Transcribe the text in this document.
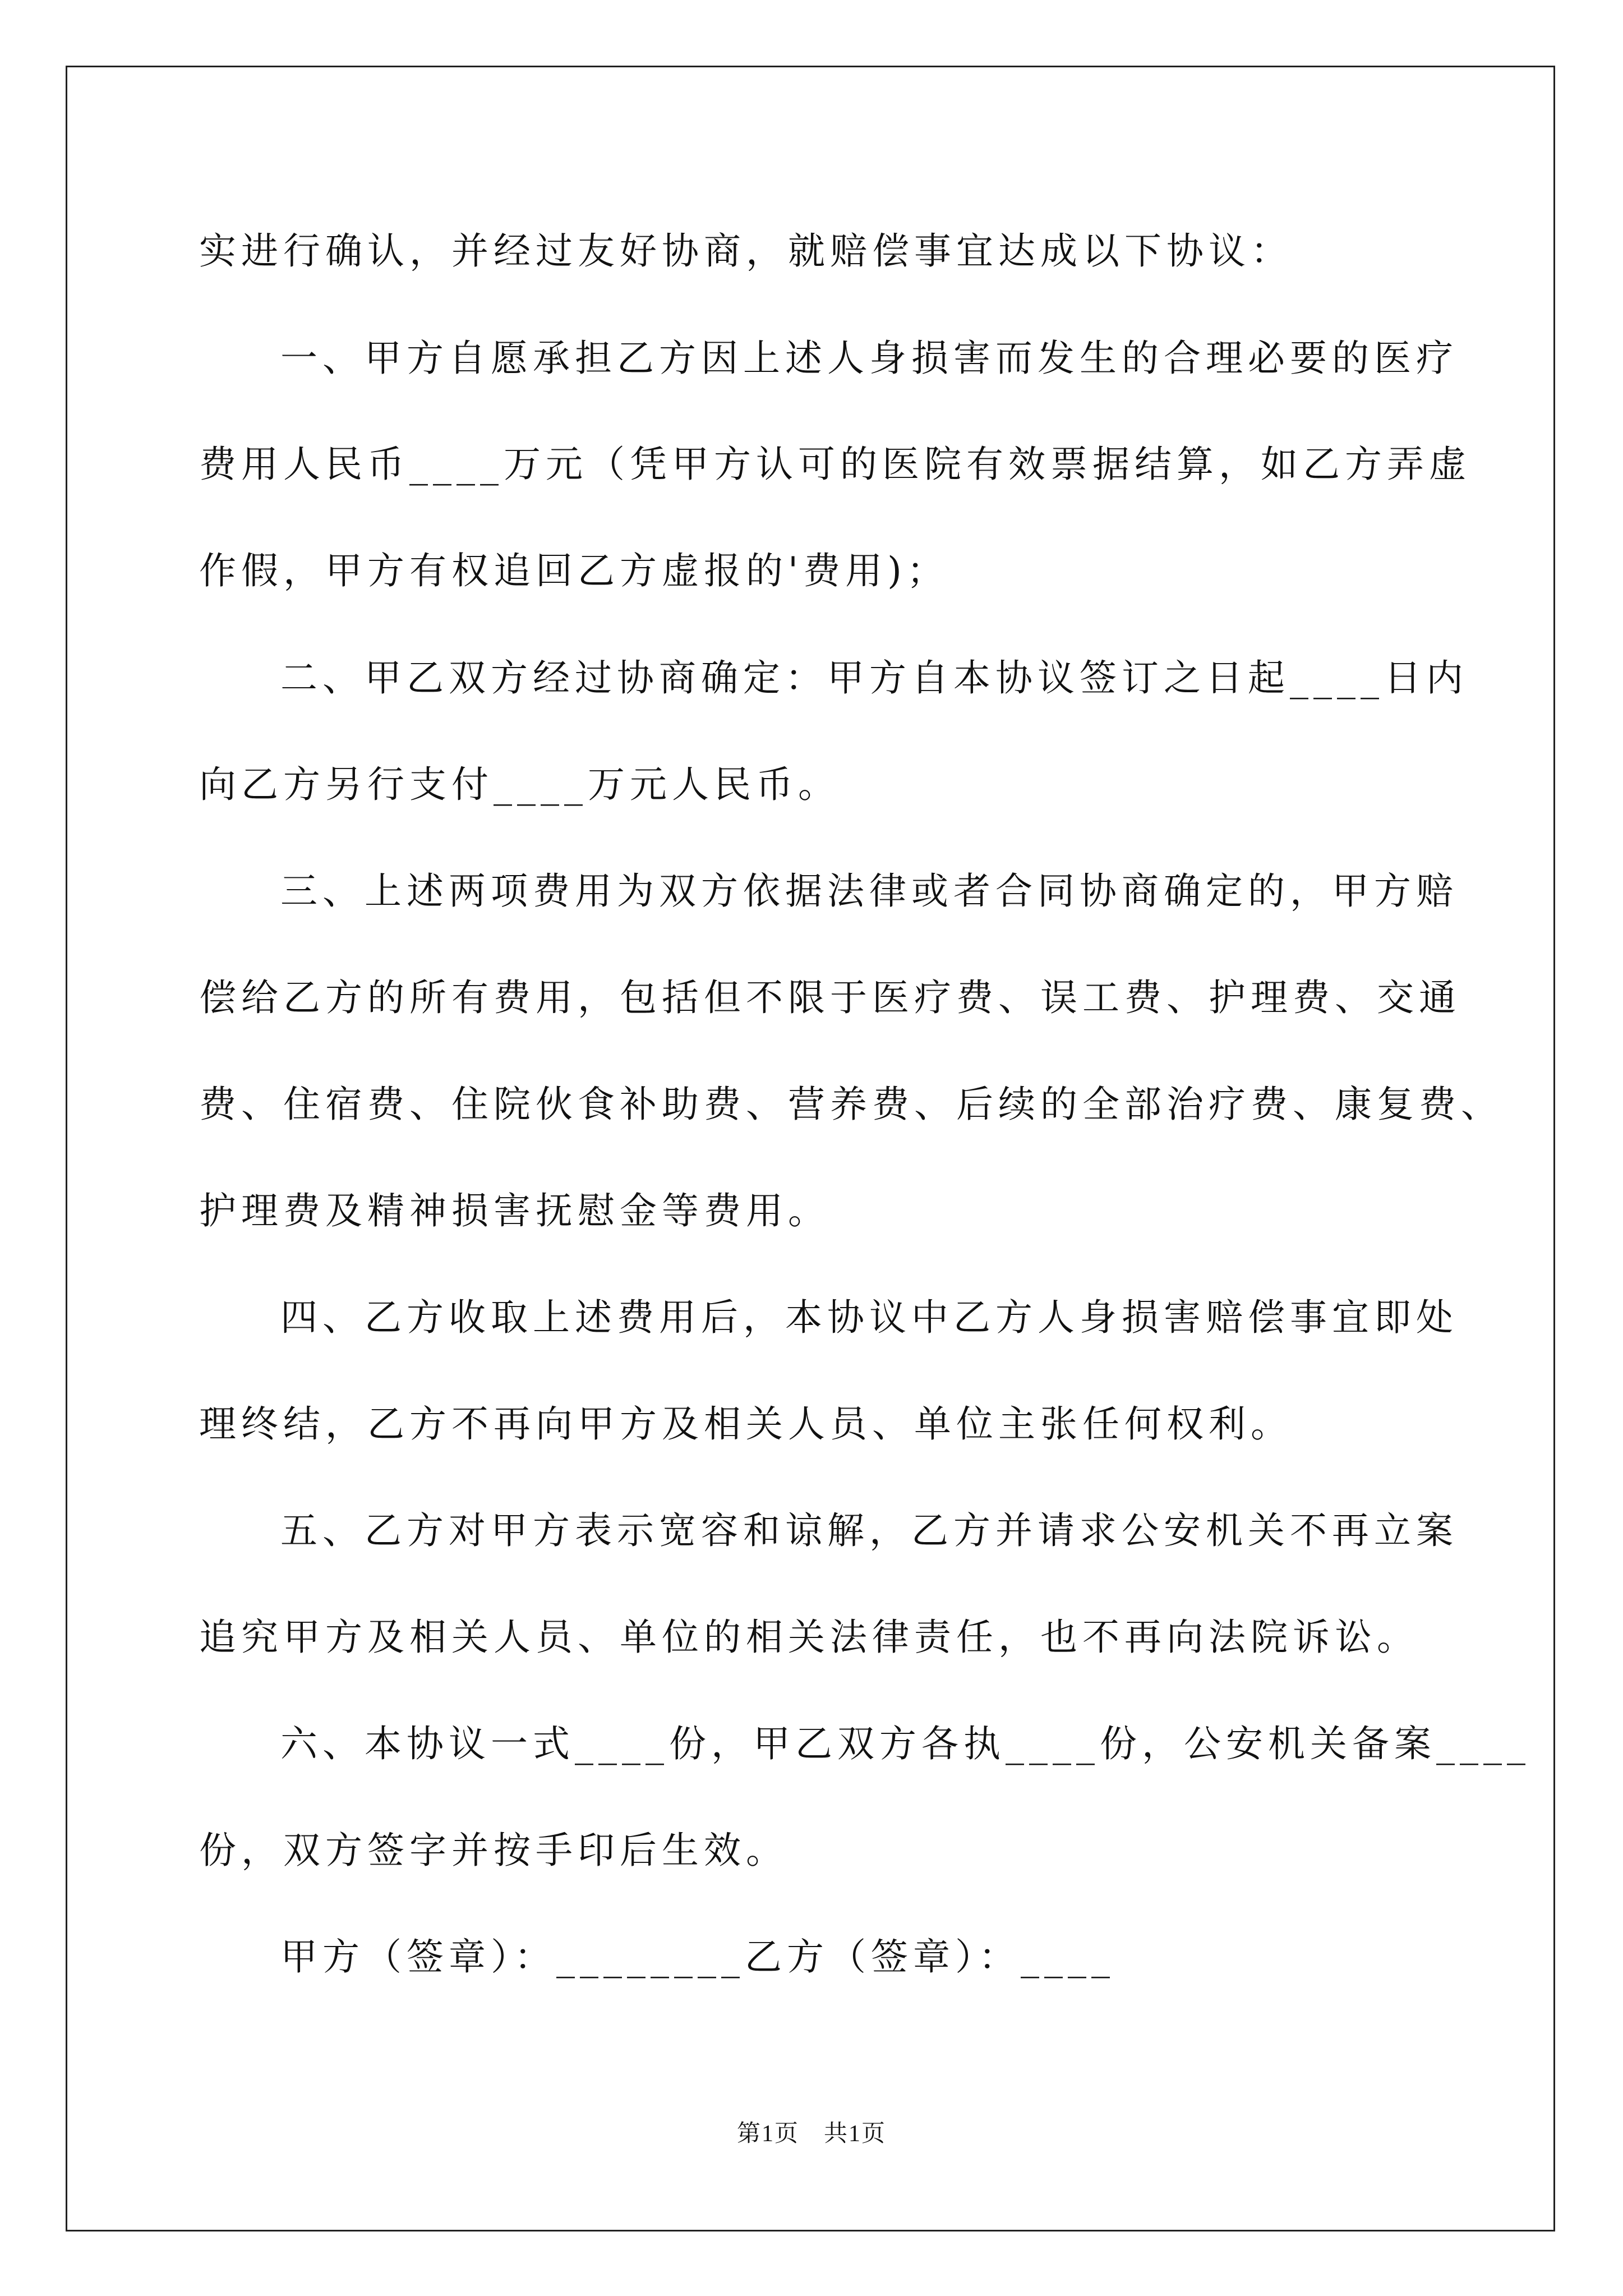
实进行确认，并经过友好协商，就赔偿事宜达成以下协议：
一、甲方自愿承担乙方因上述人身损害而发生的合理必要的医疗
费用人民币____万元（凭甲方认可的医院有效票据结算，如乙方弄虚
作假，甲方有权追回乙方虚报的'费用)；
二、甲乙双方经过协商确定：甲方自本协议签订之日起____日内
向乙方另行支付____万元人民币。
三、上述两项费用为双方依据法律或者合同协商确定的，甲方赔
偿给乙方的所有费用，包括但不限于医疗费、误工费、护理费、交通
费、住宿费、住院伙食补助费、营养费、后续的全部治疗费、康复费、
护理费及精神损害抚慰金等费用。
四、乙方收取上述费用后，本协议中乙方人身损害赔偿事宜即处
理终结，乙方不再向甲方及相关人员、单位主张任何权利。
五、乙方对甲方表示宽容和谅解，乙方并请求公安机关不再立案
追究甲方及相关人员、单位的相关法律责任，也不再向法院诉讼。
六、本协议一式____份，甲乙双方各执____份，公安机关备案____
份，双方签字并按手印后生效。
甲方（签章）：________乙方（签章）：____
第1页　共1页
